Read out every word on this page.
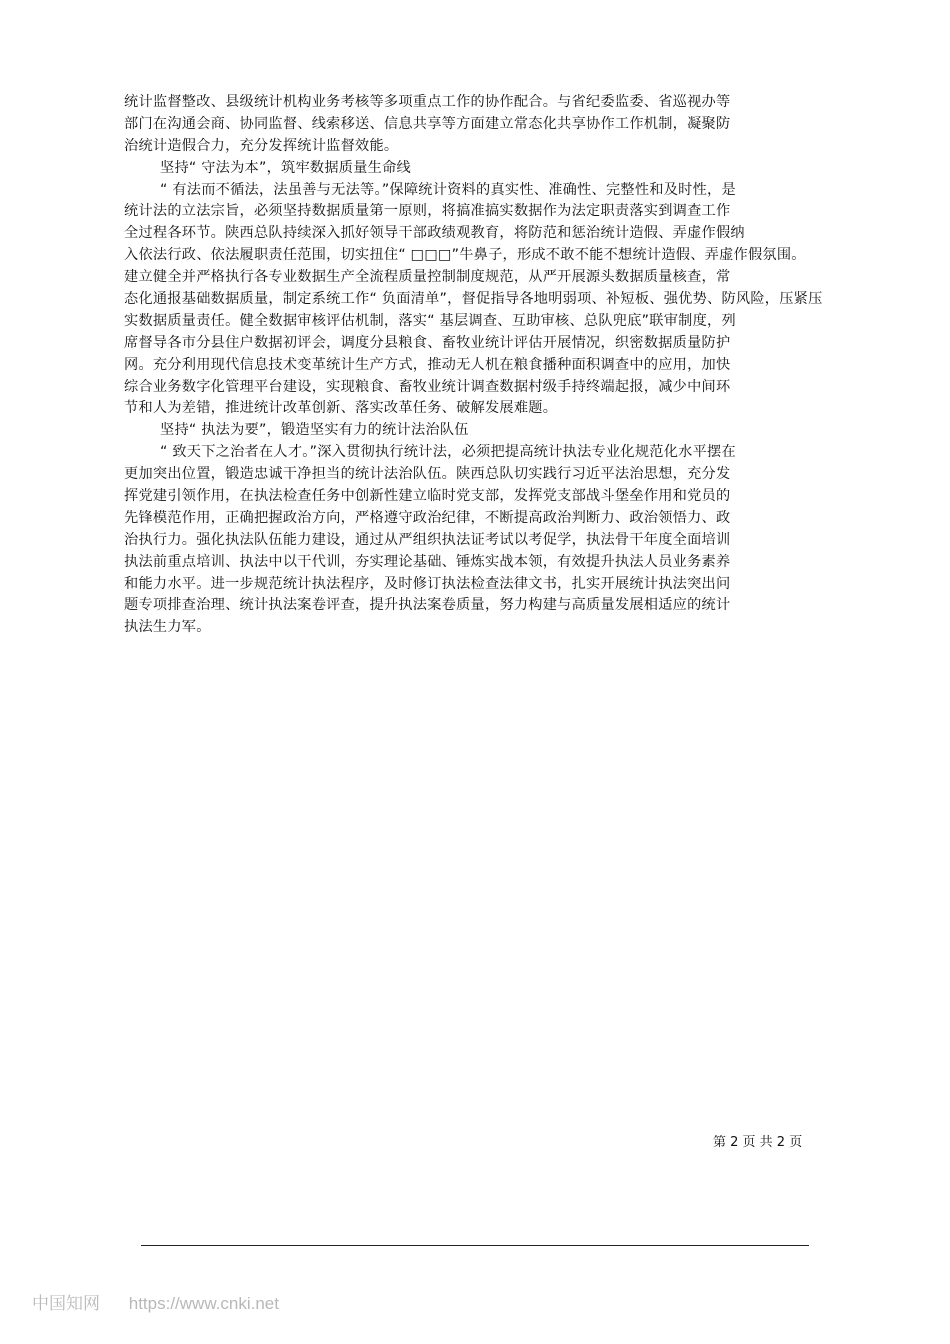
统计监督整改、县级统计机构业务考核等多项重点工作的协作配合。与省纪委监委、省巡视办等
部门在沟通会商、协同监督、线索移送、信息共享等方面建立常态化共享协作工作机制，凝聚防
治统计造假合力，充分发挥统计监督效能。
坚持“ 守法为本”，筑牢数据质量生命线
“ 有法而不循法，法虽善与无法等。”保障统计资料的真实性、准确性、完整性和及时性，是
统计法的立法宗旨，必须坚持数据质量第一原则，将搞准搞实数据作为法定职责落实到调查工作
全过程各环节。陕西总队持续深入抓好领导干部政绩观教育，将防范和惩治统计造假、弄虚作假纳
入依法行政、依法履职责任范围，切实扭住“ □□□”牛鼻子，形成不敢不能不想统计造假、弄虚作假氛围。
建立健全并严格执行各专业数据生产全流程质量控制制度规范，从严开展源头数据质量核查，常
态化通报基础数据质量，制定系统工作“ 负面清单”，督促指导各地明弱项、补短板、强优势、防风险，压紧压
实数据质量责任。健全数据审核评估机制，落实“ 基层调查、互助审核、总队兜底”联审制度，列
席督导各市分县住户数据初评会，调度分县粮食、畜牧业统计评估开展情况，织密数据质量防护
网。充分利用现代信息技术变革统计生产方式，推动无人机在粮食播种面积调查中的应用，加快
综合业务数字化管理平台建设，实现粮食、畜牧业统计调查数据村级手持终端起报，减少中间环
节和人为差错，推进统计改革创新、落实改革任务、破解发展难题。
坚持“ 执法为要”，锻造坚实有力的统计法治队伍
“ 致天下之治者在人才。”深入贯彻执行统计法，必须把提高统计执法专业化规范化水平摆在
更加突出位置，锻造忠诚干净担当的统计法治队伍。陕西总队切实践行习近平法治思想，充分发
挥党建引领作用，在执法检查任务中创新性建立临时党支部，发挥党支部战斗堡垒作用和党员的
先锋模范作用，正确把握政治方向，严格遵守政治纪律，不断提高政治判断力、政治领悟力、政
治执行力。强化执法队伍能力建设，通过从严组织执法证考试以考促学，执法骨干年度全面培训
执法前重点培训、执法中以干代训，夯实理论基础、锤炼实战本领，有效提升执法人员业务素养
和能力水平。进一步规范统计执法程序，及时修订执法检查法律文书，扎实开展统计执法突出问
题专项排查治理、统计执法案卷评查，提升执法案卷质量，努力构建与高质量发展相适应的统计
执法生力军。
第 2 页 共 2 页
中国知网 https://www.cnki.net
